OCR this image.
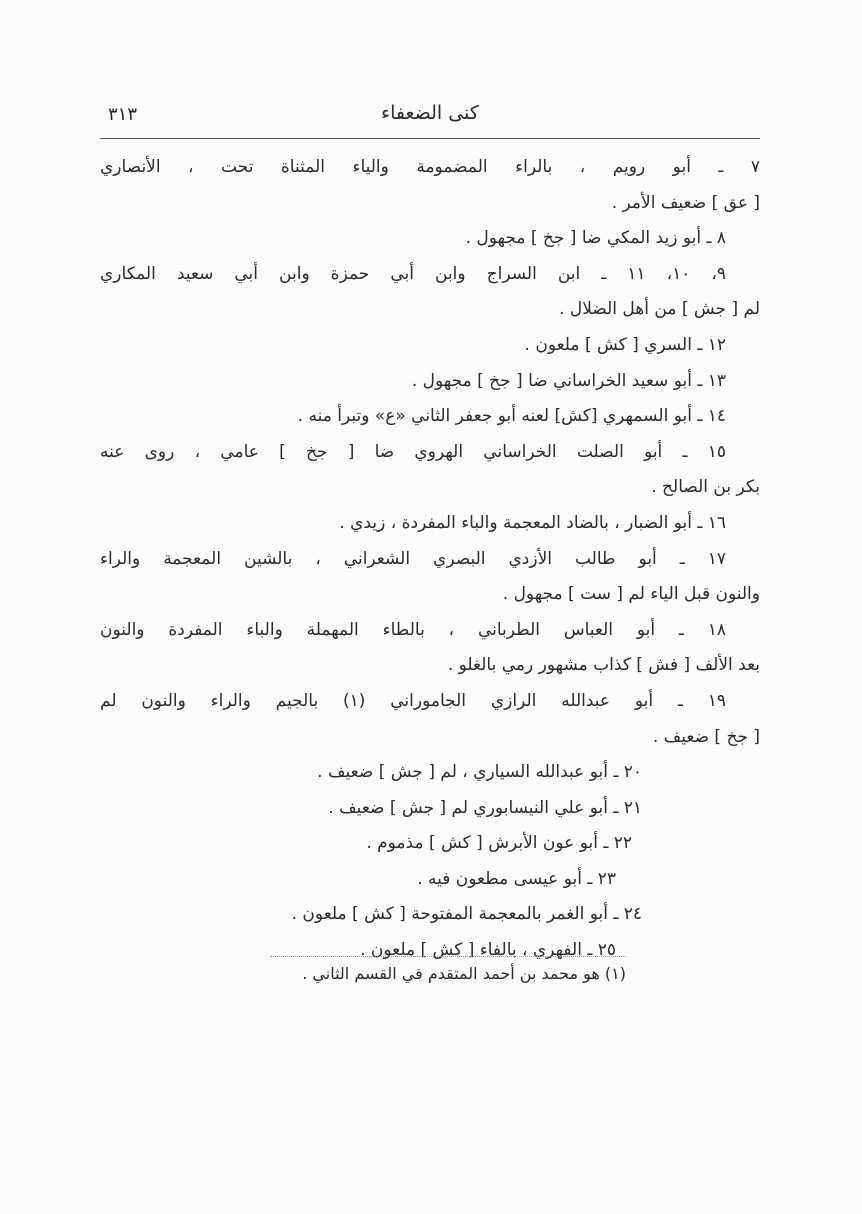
كنى الضعفاء
٣١٣
٧ ـ أبو رويم ، بالراء المضمومة والياء المثناة تحت ، الأنصاري
[ عق ] ضعيف الأمر .
٨ ـ أبو زيد المكي ضا [ جخ ] مجهول .
٩، ١٠، ١١ ـ ابن السراج وابن أبي حمزة وابن أبي سعيد المكاري
لم [ جش ] من أهل الضلال .
١٢ ـ السري [ كش ] ملعون .
١٣ ـ أبو سعيد الخراساني ضا [ جخ ] مجهول .
١٤ ـ أبو السمهري [كش] لعنه أبو جعفر الثاني «ع» وتبرأ منه .
١٥ ـ أبو الصلت الخراساني الهروي ضا [ جخ ] عامي ، روى عنه
بكر بن الصالح .
١٦ ـ أبو الضبار ، بالضاد المعجمة والباء المفردة ، زيدي .
١٧ ـ أبو طالب الأزدي البصري الشعراني ، بالشين المعجمة والراء
والنون قبل الياء لم [ ست ] مجهول .
١٨ ـ أبو العباس الطرباني ، بالطاء المهملة والباء المفردة والنون
بعد الألف [ فش ] كذاب مشهور رمي بالغلو .
١٩ ـ أبو عبدالله الرازي الجاموراني (١) بالجيم والراء والنون لم
[ جخ ] ضعيف .
٢٠ ـ أبو عبدالله السياري ، لم [ جش ] ضعيف .
٢١ ـ أبو علي النيسابوري لم [ جش ] ضعيف .
٢٢ ـ أبو عون الأبرش [ كش ] مذموم .
٢٣ ـ أبو عيسى مطعون فيه .
٢٤ ـ أبو الغمر بالمعجمة المفتوحة [ كش ] ملعون .
٢٥ ـ الفهري ، بالفاء [ كش ] ملعون .
(١) هو محمد بن أحمد المتقدم في القسم الثاني .
